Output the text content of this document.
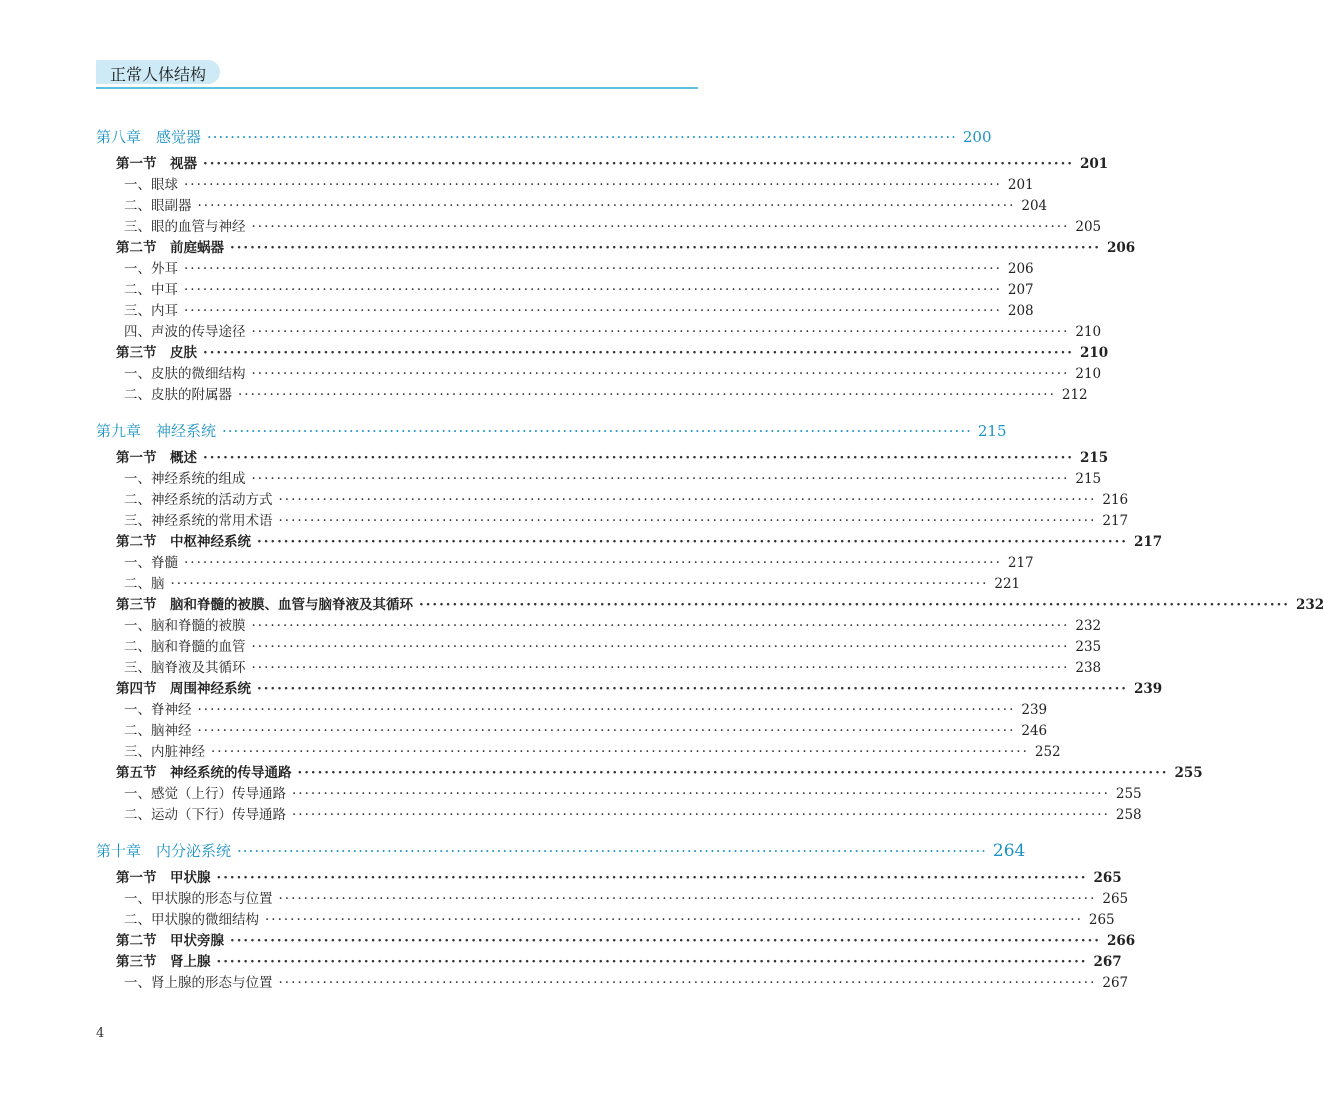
正常人体结构
第八章　感觉器 ·································································································································· 200
第一节　视器 ·································································································································· 201
一、眼球 ·································································································································· 201
二、眼副器 ·································································································································· 204
三、眼的血管与神经 ·································································································································· 205
第二节　前庭蜗器 ·································································································································· 206
一、外耳 ·································································································································· 206
二、中耳 ·································································································································· 207
三、内耳 ·································································································································· 208
四、声波的传导途径 ·································································································································· 210
第三节　皮肤 ·································································································································· 210
一、皮肤的微细结构 ·································································································································· 210
二、皮肤的附属器 ·································································································································· 212
第九章　神经系统 ·································································································································· 215
第一节　概述 ·································································································································· 215
一、神经系统的组成 ·································································································································· 215
二、神经系统的活动方式 ·································································································································· 216
三、神经系统的常用术语 ·································································································································· 217
第二节　中枢神经系统 ·································································································································· 217
一、脊髓 ·································································································································· 217
二、脑 ·································································································································· 221
第三节　脑和脊髓的被膜、血管与脑脊液及其循环 ·································································································································· 232
一、脑和脊髓的被膜 ·································································································································· 232
二、脑和脊髓的血管 ·································································································································· 235
三、脑脊液及其循环 ·································································································································· 238
第四节　周围神经系统 ·································································································································· 239
一、脊神经 ·································································································································· 239
二、脑神经 ·································································································································· 246
三、内脏神经 ·································································································································· 252
第五节　神经系统的传导通路 ·································································································································· 255
一、感觉（上行）传导通路 ·································································································································· 255
二、运动（下行）传导通路 ·································································································································· 258
第十章　内分泌系统 ·································································································································· 264
第一节　甲状腺 ·································································································································· 265
一、甲状腺的形态与位置 ·································································································································· 265
二、甲状腺的微细结构 ·································································································································· 265
第二节　甲状旁腺 ·································································································································· 266
第三节　肾上腺 ·································································································································· 267
一、肾上腺的形态与位置 ·································································································································· 267
4
